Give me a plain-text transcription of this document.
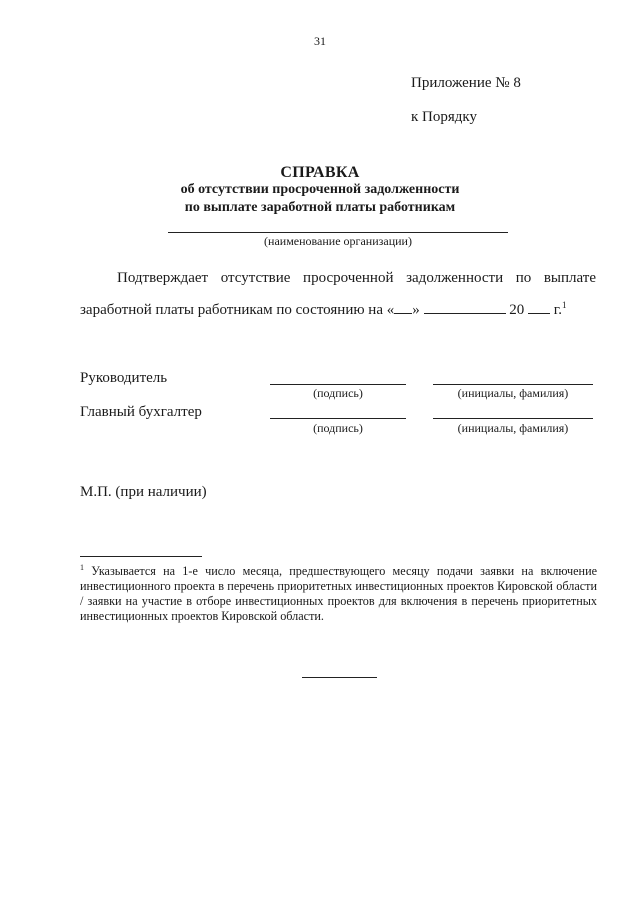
31
Приложение № 8
к Порядку
СПРАВКА
об отсутствии просроченной задолженности
по выплате заработной платы работникам
(наименование организации)
Подтверждает отсутствие просроченной задолженности по выплате
заработной платы работникам по состоянию на « »	20  г.$^1$
Руководитель
(подпись)	(инициалы, фамилия)
Главный бухгалтер
(подпись)	(инициалы, фамилия)
М.П. (при наличии)
$^1$ Указывается на 1-е число месяца, предшествующего месяцу подачи заявки на включение инвестиционного проекта в перечень приоритетных инвестиционных проектов Кировской области / заявки на участие в отборе инвестиционных проектов для включения в перечень приоритетных инвестиционных проектов Кировской области.
